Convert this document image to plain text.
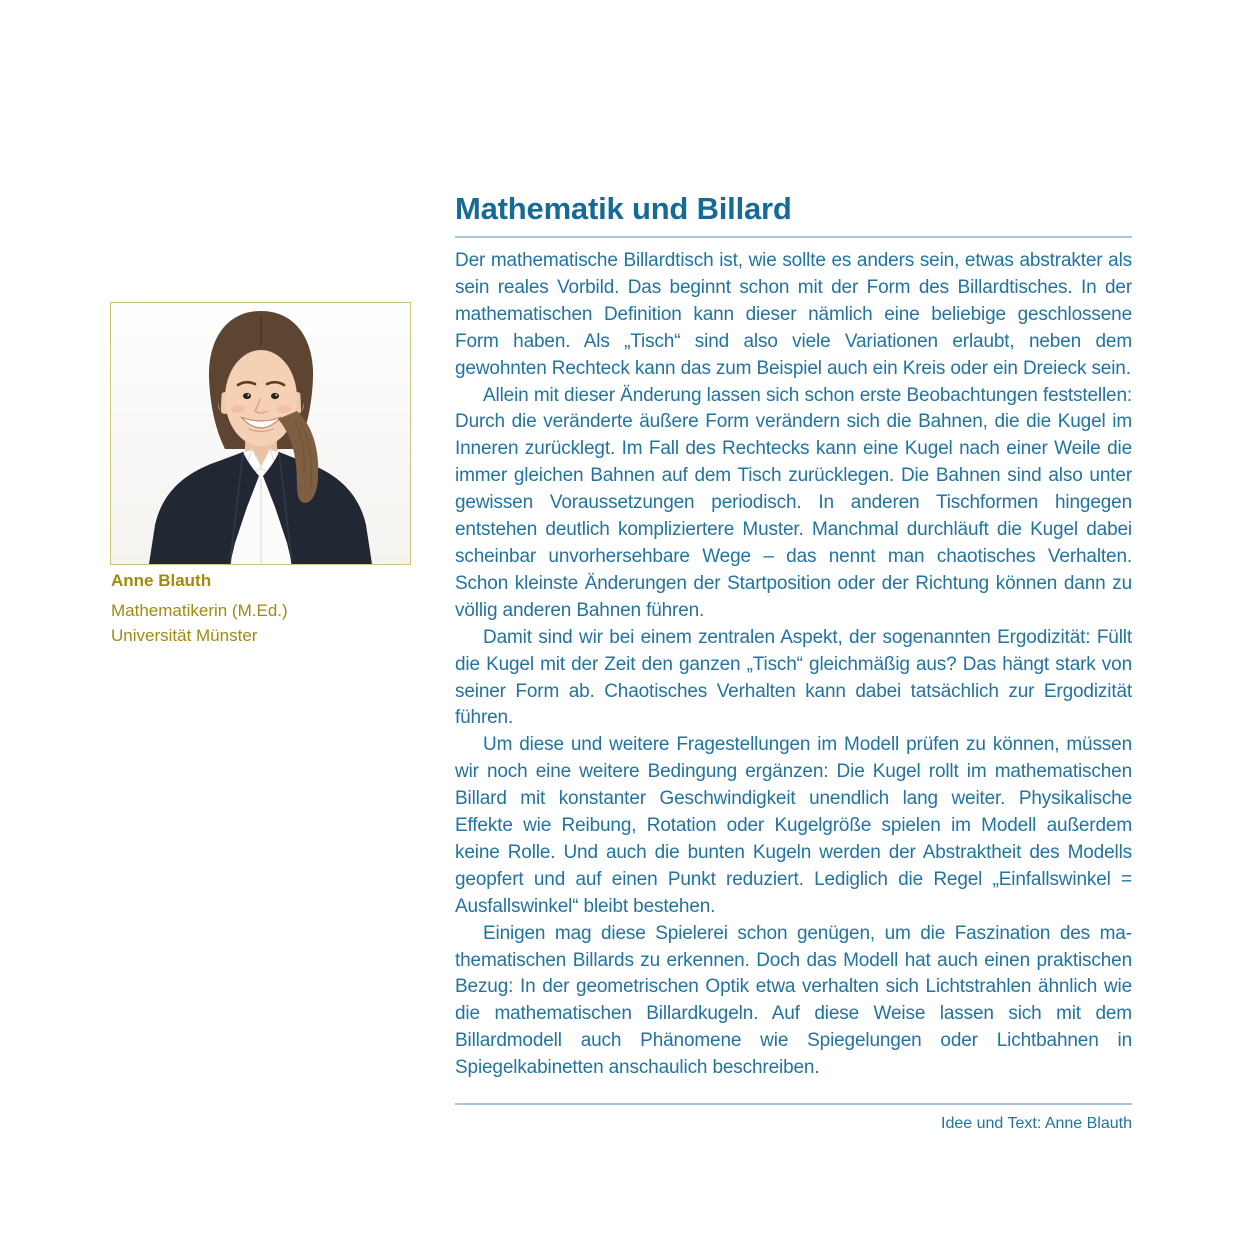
Anne Blauth

Mathematikerin (M.Ed.)

Universität Münster

Mathematik und Billard

Der mathematische Billardtisch ist, wie sollte es anders sein, etwas abstrakter als sein reales Vorbild. Das beginnt schon mit der Form des Billardtisches. In der mathematischen Definition kann dieser nämlich eine beliebige geschlossene Form haben. Als „Tisch“ sind also viele Variationen erlaubt, neben dem gewohnten Rechteck kann das zum Beispiel auch ein Kreis oder ein Dreieck sein.

Allein mit dieser Änderung lassen sich schon erste Beobachtungen feststellen: Durch die veränderte äußere Form verändern sich die Bahnen, die die Kugel im Inneren zurücklegt. Im Fall des Rechtecks kann eine Kugel nach einer Weile die immer gleichen Bahnen auf dem Tisch zurücklegen. Die Bahnen sind also unter gewissen Voraussetzungen periodisch. In anderen Tischformen hingegen entstehen deutlich kompliziertere Muster. Manchmal durchläuft die Kugel dabei scheinbar unvorhersehbare Wege – das nennt man chaotisches Verhalten. Schon kleinste Änderungen der Startposition oder der Richtung können dann zu völlig anderen Bahnen führen.

Damit sind wir bei einem zentralen Aspekt, der sogenannten Ergodizität: Füllt die Kugel mit der Zeit den ganzen „Tisch“ gleichmäßig aus? Das hängt stark von seiner Form ab. Chaotisches Verhalten kann dabei tatsächlich zur Ergodizität führen.

Um diese und weitere Fragestellungen im Modell prüfen zu können, müssen wir noch eine weitere Bedingung ergänzen: Die Kugel rollt im mathematischen Billard mit konstanter Geschwindigkeit unendlich lang weiter. Physikalische Effekte wie Reibung, Rotation oder Kugelgröße spielen im Modell außerdem keine Rolle. Und auch die bunten Kugeln werden der Abstraktheit des Modells geopfert und auf einen Punkt reduziert. Lediglich die Regel „Einfallswinkel = Ausfallswinkel“ bleibt bestehen.

Einigen mag diese Spielerei schon genügen, um die Faszination des mathematischen Billards zu erkennen. Doch das Modell hat auch einen praktischen Bezug: In der geometrischen Optik etwa verhalten sich Lichtstrahlen ähnlich wie die mathematischen Billardkugeln. Auf diese Weise lassen sich mit dem Billardmodell auch Phänomene wie Spiegelungen oder Lichtbahnen in Spiegelkabinetten anschaulich beschreiben.

Idee und Text: Anne Blauth
